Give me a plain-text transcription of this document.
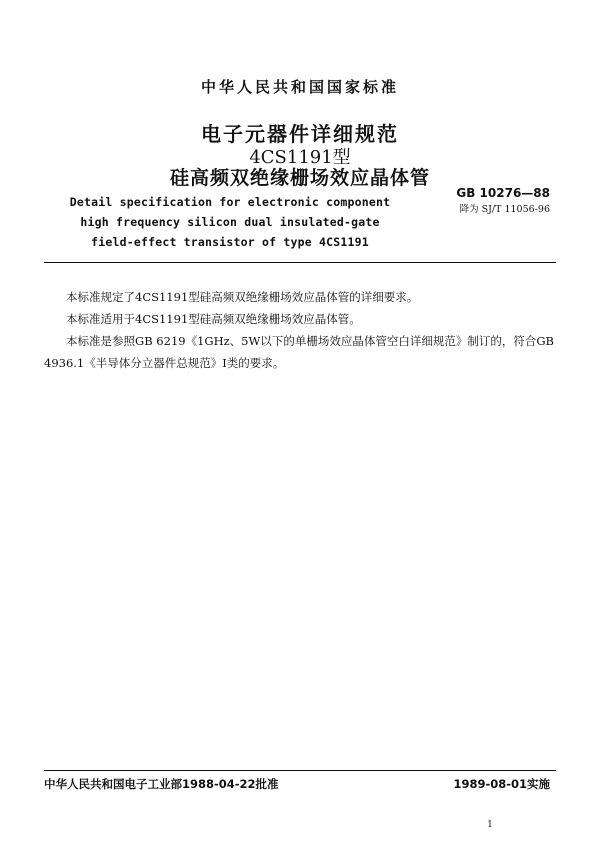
中华人民共和国国家标准
电子元器件详细规范
4CS1191型
硅高频双绝缘栅场效应晶体管
Detail specification for electronic component
high frequency silicon dual insulated-gate
field-effect transistor of type 4CS1191
GB 10276—88
降为 SJ/T 11056-96
本标准规定了4CS1191型硅高频双绝缘栅场效应晶体管的详细要求。
本标准适用于4CS1191型硅高频双绝缘栅场效应晶体管。
本标准是参照GB 6219《1GHz、5W以下的单栅场效应晶体管空白详细规范》制订的，符合GB 4936.1《半导体分立器件总规范》Ⅰ类的要求。
中华人民共和国电子工业部1988-04-22批准	1989-08-01实施
1
